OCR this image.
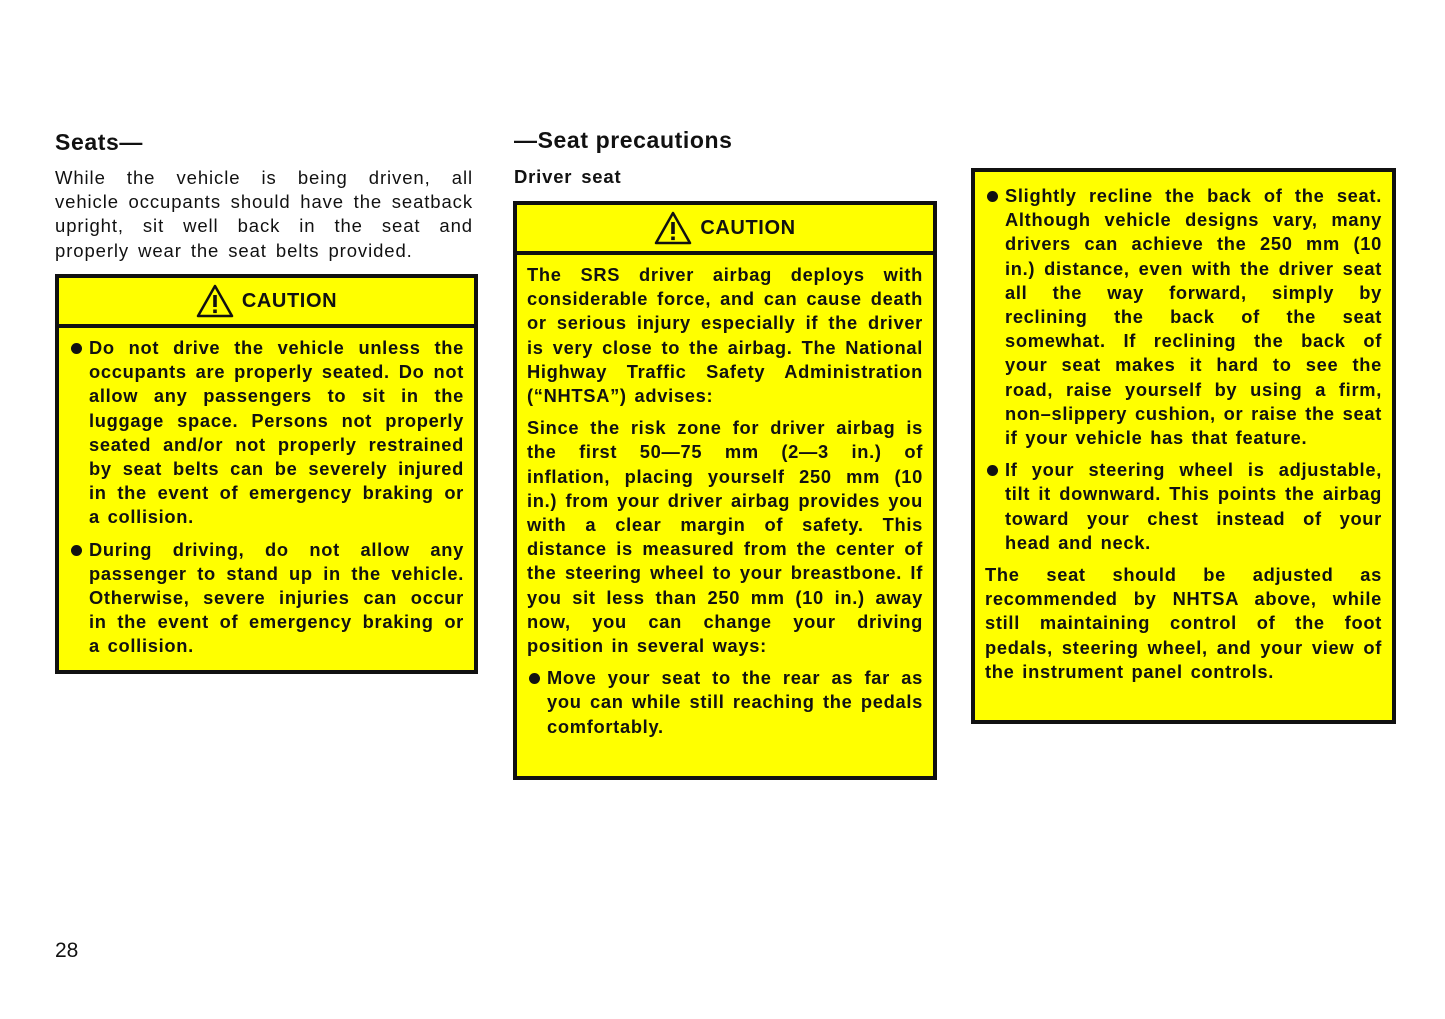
Seats—

While the vehicle is being driven, all vehicle occupants should have the seatback upright, sit well back in the seat and properly wear the seat belts provided.

CAUTION
Do not drive the vehicle unless the occupants are properly seated. Do not allow any passengers to sit in the luggage space. Persons not properly seated and/or not properly restrained by seat belts can be severely injured in the event of emergency braking or a collision.
During driving, do not allow any passenger to stand up in the vehicle. Otherwise, severe injuries can occur in the event of emergency braking or a collision.
—Seat precautions

Driver seat

CAUTION

The SRS driver airbag deploys with considerable force, and can cause death or serious injury especially if the driver is very close to the airbag. The National Highway Traffic Safety Administration (“NHTSA”) advises:

Since the risk zone for driver airbag is the first 50—75 mm (2—3 in.) of inflation, placing yourself 250 mm (10 in.) from your driver airbag provides you with a clear margin of safety. This distance is measured from the center of the steering wheel to your breastbone. If you sit less than 250 mm (10 in.) away now, you can change your driving position in several ways:

Move your seat to the rear as far as you can while still reaching the pedals comfortably.
Slightly recline the back of the seat. Although vehicle designs vary, many drivers can achieve the 250 mm (10 in.) distance, even with the driver seat all the way forward, simply by reclining the back of the seat somewhat. If reclining the back of your seat makes it hard to see the road, raise yourself by using a firm, non–slippery cushion, or raise the seat if your vehicle has that feature.
If your steering wheel is adjustable, tilt it downward. This points the airbag toward your chest instead of your head and neck.

The seat should be adjusted as recommended by NHTSA above, while still maintaining control of the foot pedals, steering wheel, and your view of the instrument panel controls.

28
